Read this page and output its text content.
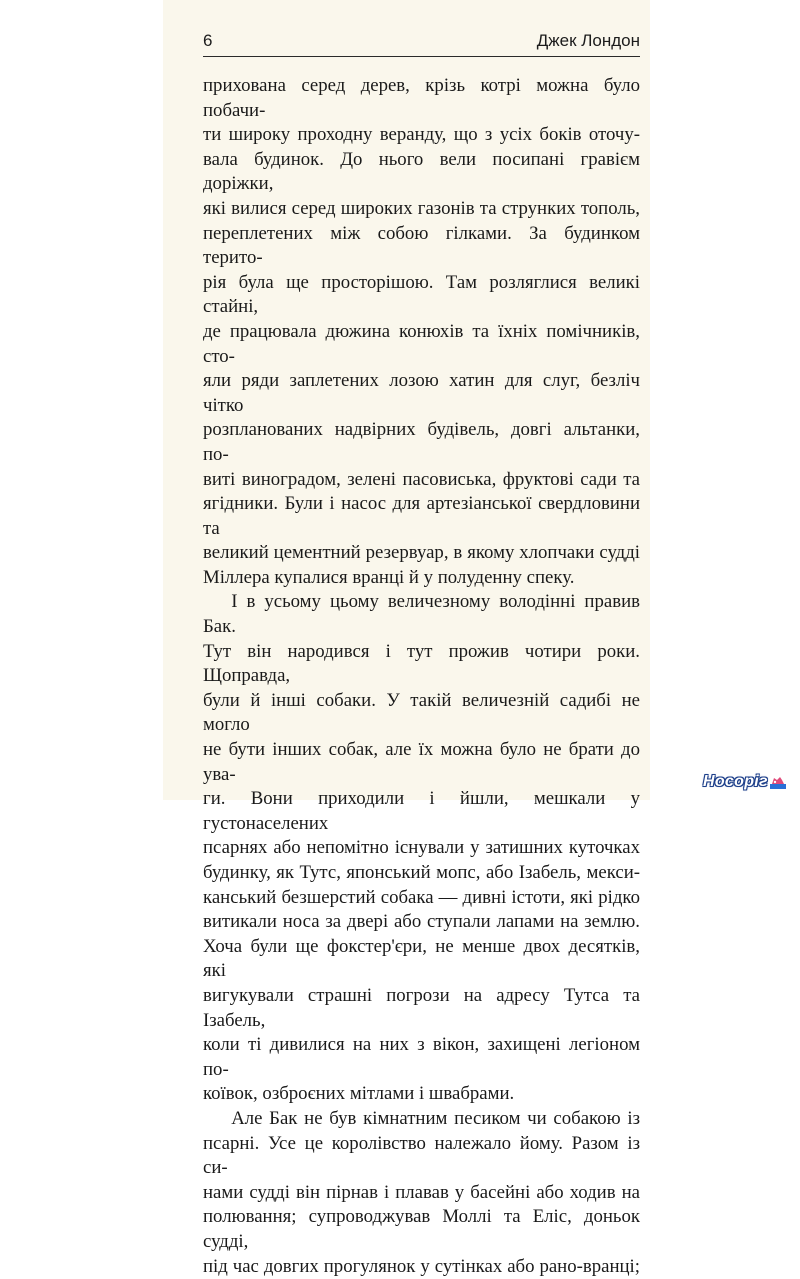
6	Джек Лондон

прихована серед дерев, крізь котрі можна було побачи-
ти широку проходну веранду, що з усіх боків оточу-
вала будинок. До нього вели посипані гравієм доріжки,
які вилися серед широких газонів та струнких тополь,
переплетених між собою гілками. За будинком терито-
рія була ще просторішою. Там розляглися великі стайні,
де працювала дюжина конюхів та їхніх помічників, сто-
яли ряди заплетених лозою хатин для слуг, безліч чітко
розпланованих надвірних будівель, довгі альтанки, по-
виті виноградом, зелені пасовиська, фруктові сади та
ягідники. Були і насос для артезіанської свердловини та
великий цементний резервуар, в якому хлопчаки судді
Міллера купалися вранці й у полуденну спеку.

І в усьому цьому величезному володінні правив Бак.
Тут він народився і тут прожив чотири роки. Щоправда,
були й інші собаки. У такій величезній садибі не могло
не бути інших собак, але їх можна було не брати до ува-
ги. Вони приходили і йшли, мешкали у густонаселених
псарнях або непомітно існували у затишних куточках
будинку, як Тутс, японський мопс, або Ізабель, мекси-
канський безшерстий собака — дивні істоти, які рідко
витикали носа за двері або ступали лапами на землю.
Хоча були ще фокстер'єри, не менше двох десятків, які
вигукували страшні погрози на адресу Тутса та Ізабель,
коли ті дивилися на них з вікон, захищені легіоном по-
коївок, озброєних мітлами і швабрами.

Але Бак не був кімнатним песиком чи собакою із
псарні. Усе це королівство належало йому. Разом із си-
нами судді він пірнав і плавав у басейні або ходив на
полювання; супроводжував Моллі та Еліс, доньок судді,
під час довгих прогулянок у сутінках або рано-вранці;

Носоріг
